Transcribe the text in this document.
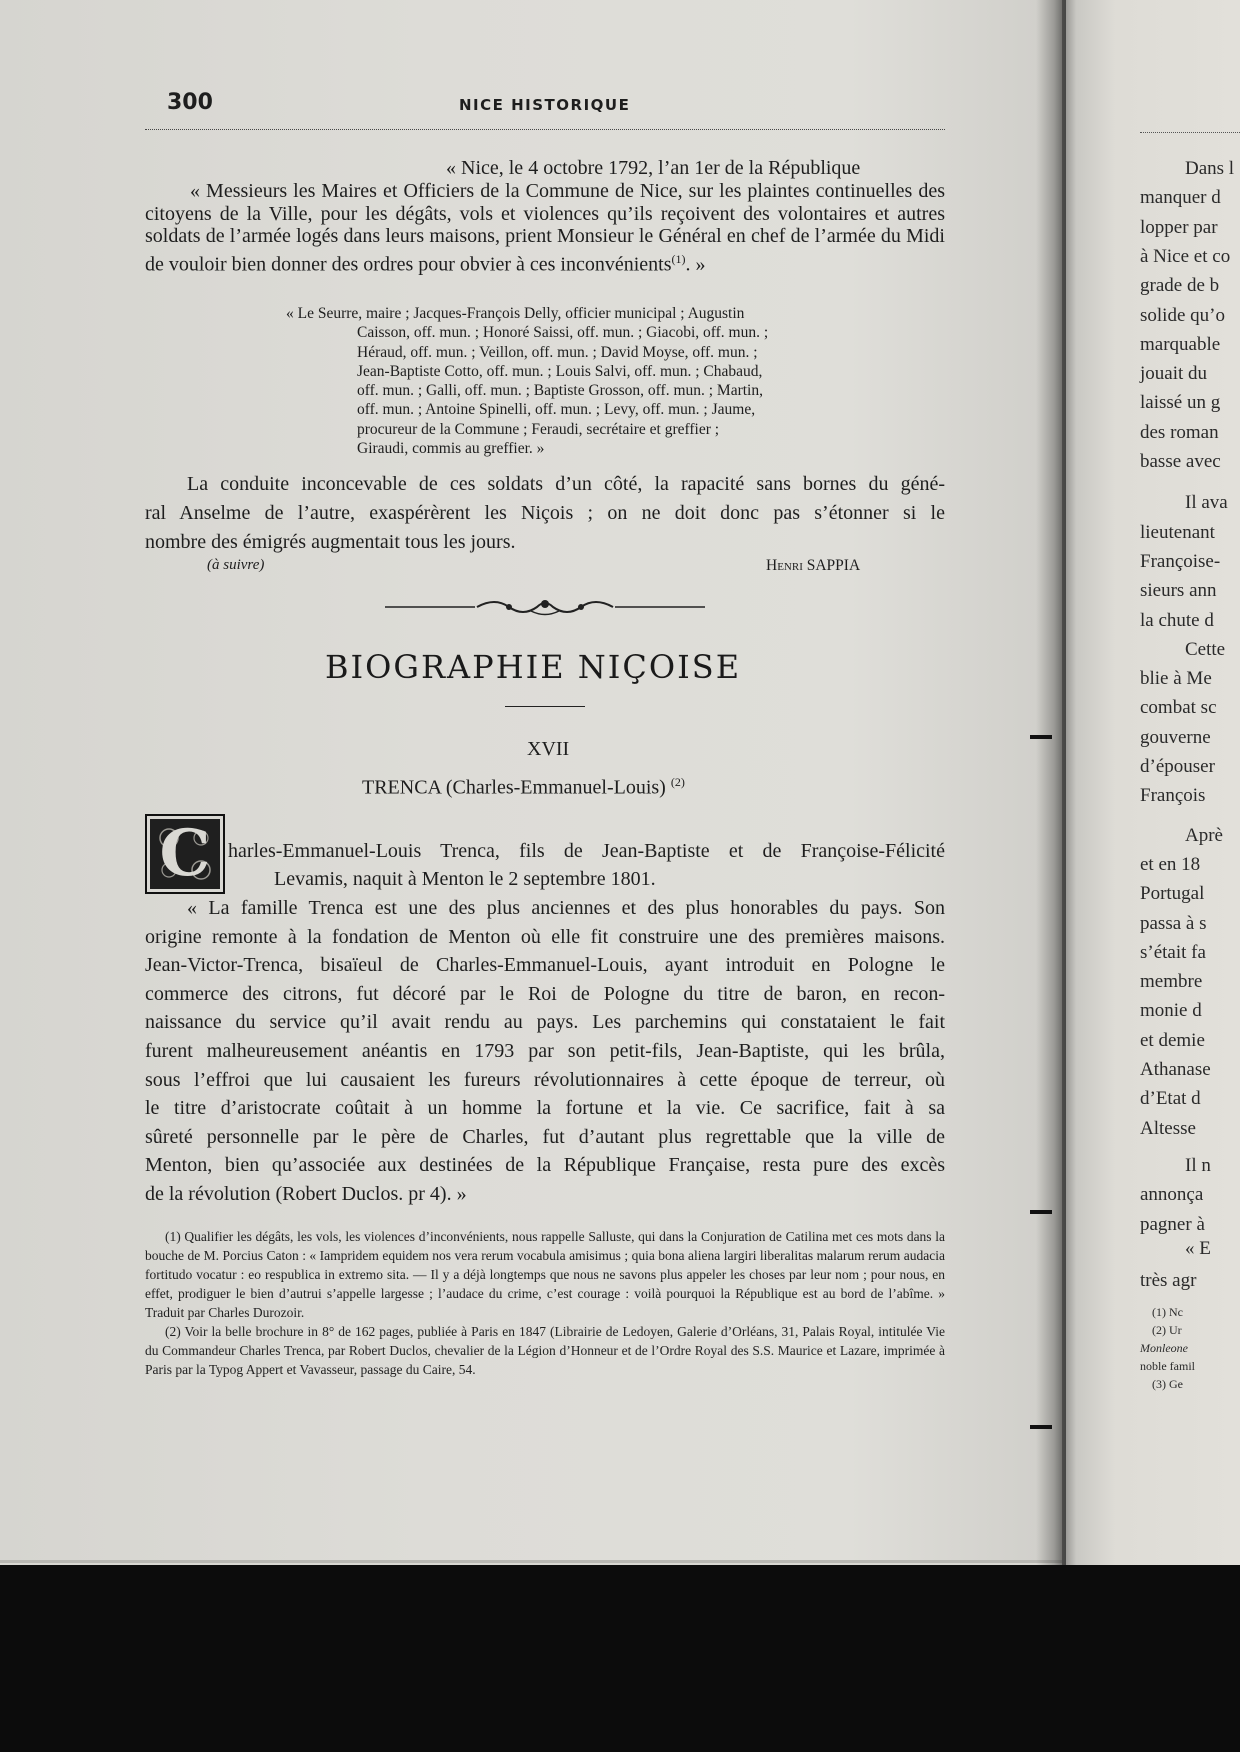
300	NICE HISTORIQUE
« Nice, le 4 octobre 1792, l’an 1er de la République
« Messieurs les Maires et Officiers de la Commune de Nice, sur les plaintes continuelles des citoyens de la Ville, pour les dégâts, vols et violences qu’ils reçoivent des volontaires et autres soldats de l’armée logés dans leurs maisons, prient Monsieur le Général en chef de l’armée du Midi de vouloir bien donner des ordres pour obvier à ces inconvénients$^{(1)}$. »
« Le Seurre, maire ; Jacques-François Delly, officier municipal ; Augustin
Caisson, off. mun. ; Honoré Saissi, off. mun. ; Giacobi, off. mun. ;
Héraud, off. mun. ; Veillon, off. mun. ; David Moyse, off. mun. ;
Jean-Baptiste Cotto, off. mun. ; Louis Salvi, off. mun. ; Chabaud,
off. mun. ; Galli, off. mun. ; Baptiste Grosson, off. mun. ; Martin,
off. mun. ; Antoine Spinelli, off. mun. ; Levy, off. mun. ; Jaume,
procureur de la Commune ; Feraudi, secrétaire et greffier ;
Giraudi, commis au greffier. »
La conduite inconcevable de ces soldats d’un côté, la rapacité sans bornes du géné-
ral Anselme de l’autre, exaspérèrent les Niçois ; on ne doit donc pas s’étonner si le
nombre des émigrés augmentait tous les jours.
(à suivre)	Henri SAPPIA
BIOGRAPHIE NIÇOISE
XVII
TRENCA (Charles-Emmanuel-Louis) $^{(2)}$
C harles-Emmanuel-Louis Trenca, fils de Jean-Baptiste et de Françoise-Félicité
Levamis, naquit à Menton le 2 septembre 1801.
« La famille Trenca est une des plus anciennes et des plus honorables du pays. Son
origine remonte à la fondation de Menton où elle fit construire une des premières maisons.
Jean-Victor-Trenca, bisaïeul de Charles-Emmanuel-Louis, ayant introduit en Pologne le
commerce des citrons, fut décoré par le Roi de Pologne du titre de baron, en recon-
naissance du service qu’il avait rendu au pays. Les parchemins qui constataient le fait
furent malheureusement anéantis en 1793 par son petit-fils, Jean-Baptiste, qui les brûla,
sous l’effroi que lui causaient les fureurs révolutionnaires à cette époque de terreur, où
le titre d’aristocrate coûtait à un homme la fortune et la vie. Ce sacrifice, fait à sa
sûreté personnelle par le père de Charles, fut d’autant plus regrettable que la ville de
Menton, bien qu’associée aux destinées de la République Française, resta pure des excès
de la révolution (Robert Duclos. pr 4). »

(1) Qualifier les dégâts, les vols, les violences d’inconvénients, nous rappelle Salluste, qui dans la Conjuration de Catilina met ces mots dans la bouche de M. Porcius Caton : « Iampridem equidem nos vera rerum vocabula amisimus ; quia bona aliena largiri liberalitas malarum rerum audacia fortitudo vocatur : eo respublica in extremo sita. — Il y a déjà longtemps que nous ne savons plus appeler les choses par leur nom ; pour nous, en effet, prodiguer le bien d’autrui s’appelle largesse ; l’audace du crime, c’est courage : voilà pourquoi la République est au bord de l’abîme. » Traduit par Charles Durozoir.

(2) Voir la belle brochure in 8° de 162 pages, publiée à Paris en 1847 (Librairie de Ledoyen, Galerie d’Orléans, 31, Palais Royal, intitulée Vie du Commandeur Charles Trenca, par Robert Duclos, chevalier de la Légion d’Honneur et de l’Ordre Royal des S.S. Maurice et Lazare, imprimée à Paris par la Typog Appert et Vavasseur, passage du Caire, 54.

Dans l
manquer d
lopper par
à Nice et co
grade de b
solide qu’o
marquable
jouait du
laissé un g
des roman
basse avec
Il ava
lieutenant
Françoise-
sieurs ann
la chute d
Cette
blie à Me
combat sc
gouverne
d’épouser
François
Aprè
et en 18
Portugal
passa à s
s’était fa
membre
monie d
et demie
Athanase
d’Etat d
Altesse
Il n
annonça
pagner à
« E
très agr
(1) Nc
(2) Ur
Monleone
noble famil
(3) Ge
